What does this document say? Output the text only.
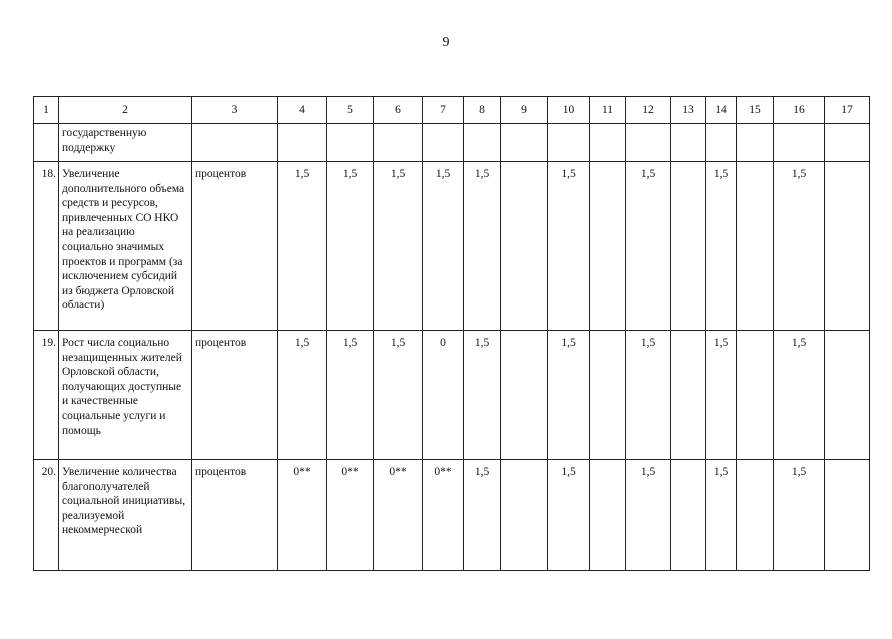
9
1	2	3	4	5	6	7	8	9	10	11	12	13	14	15	16	17

	государственную поддержку															

18.	Увеличение дополнительного объема средств и ресурсов, привлеченных СО НКО на реализацию социально значимых проектов и программ (за исключением субсидий из бюджета Орловской области)	процентов	1,5	1,5	1,5	1,5	1,5		1,5		1,5		1,5		1,5	

19.	Рост числа социально незащищенных жителей Орловской области, получающих доступные и качественные социальные услуги и помощь	процентов	1,5	1,5	1,5	0	1,5		1,5		1,5		1,5		1,5	

20.	Увеличение количества благополучателей социальной инициативы, реализуемой некоммерческой	процентов	0**	0**	0**	0**	1,5		1,5		1,5		1,5		1,5	
